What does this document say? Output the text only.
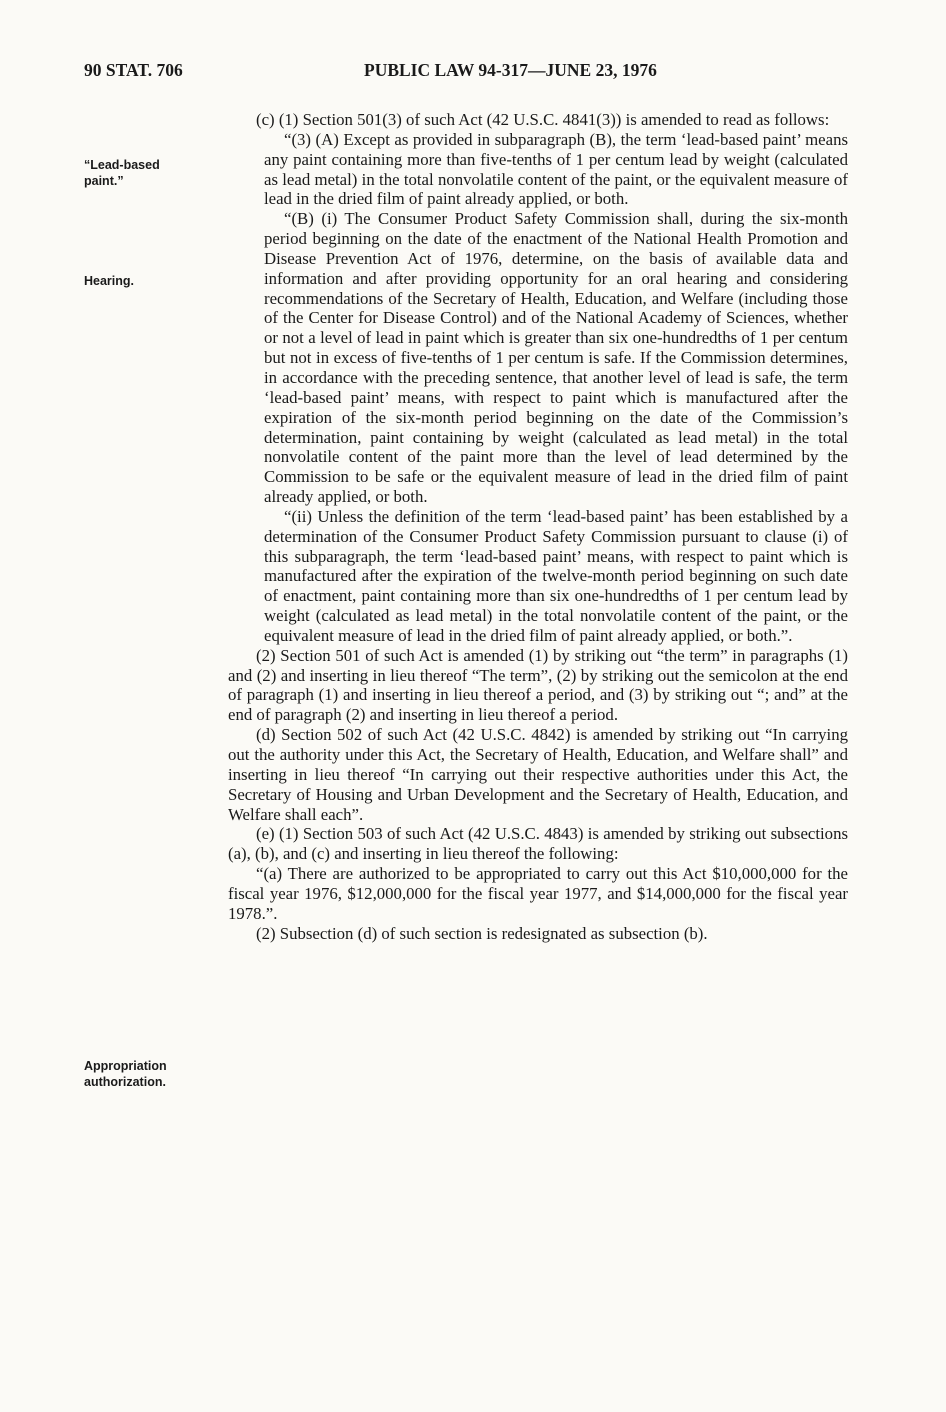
90 STAT. 706	PUBLIC LAW 94-317—JUNE 23, 1976
“Lead-based paint.”
Hearing.
Appropriation authorization.

(c) (1) Section 501(3) of such Act (42 U.S.C. 4841(3)) is amended to read as follows:

“(3) (A) Except as provided in subparagraph (B), the term ‘lead-based paint’ means any paint containing more than five-tenths of 1 per centum lead by weight (calculated as lead metal) in the total nonvolatile content of the paint, or the equivalent measure of lead in the dried film of paint already applied, or both.

“(B) (i) The Consumer Product Safety Commission shall, during the six-month period beginning on the date of the enactment of the National Health Promotion and Disease Prevention Act of 1976, determine, on the basis of available data and information and after providing opportunity for an oral hearing and considering recommendations of the Secretary of Health, Education, and Welfare (including those of the Center for Disease Control) and of the National Academy of Sciences, whether or not a level of lead in paint which is greater than six one-hundredths of 1 per centum but not in excess of five-tenths of 1 per centum is safe. If the Commission determines, in accordance with the preceding sentence, that another level of lead is safe, the term ‘lead-based paint’ means, with respect to paint which is manufactured after the expiration of the six-month period beginning on the date of the Commission’s determination, paint containing by weight (calculated as lead metal) in the total nonvolatile content of the paint more than the level of lead determined by the Commission to be safe or the equivalent measure of lead in the dried film of paint already applied, or both.

“(ii) Unless the definition of the term ‘lead-based paint’ has been established by a determination of the Consumer Product Safety Commission pursuant to clause (i) of this subparagraph, the term ‘lead-based paint’ means, with respect to paint which is manufactured after the expiration of the twelve-month period beginning on such date of enactment, paint containing more than six one-hundredths of 1 per centum lead by weight (calculated as lead metal) in the total nonvolatile content of the paint, or the equivalent measure of lead in the dried film of paint already applied, or both.”.

(2) Section 501 of such Act is amended (1) by striking out “the term” in paragraphs (1) and (2) and inserting in lieu thereof “The term”, (2) by striking out the semicolon at the end of paragraph (1) and inserting in lieu thereof a period, and (3) by striking out “; and” at the end of paragraph (2) and inserting in lieu thereof a period.

(d) Section 502 of such Act (42 U.S.C. 4842) is amended by striking out “In carrying out the authority under this Act, the Secretary of Health, Education, and Welfare shall” and inserting in lieu thereof “In carrying out their respective authorities under this Act, the Secretary of Housing and Urban Development and the Secretary of Health, Education, and Welfare shall each”.

(e) (1) Section 503 of such Act (42 U.S.C. 4843) is amended by striking out subsections (a), (b), and (c) and inserting in lieu thereof the following:

“(a) There are authorized to be appropriated to carry out this Act $10,000,000 for the fiscal year 1976, $12,000,000 for the fiscal year 1977, and $14,000,000 for the fiscal year 1978.”.

(2) Subsection (d) of such section is redesignated as subsection (b).
